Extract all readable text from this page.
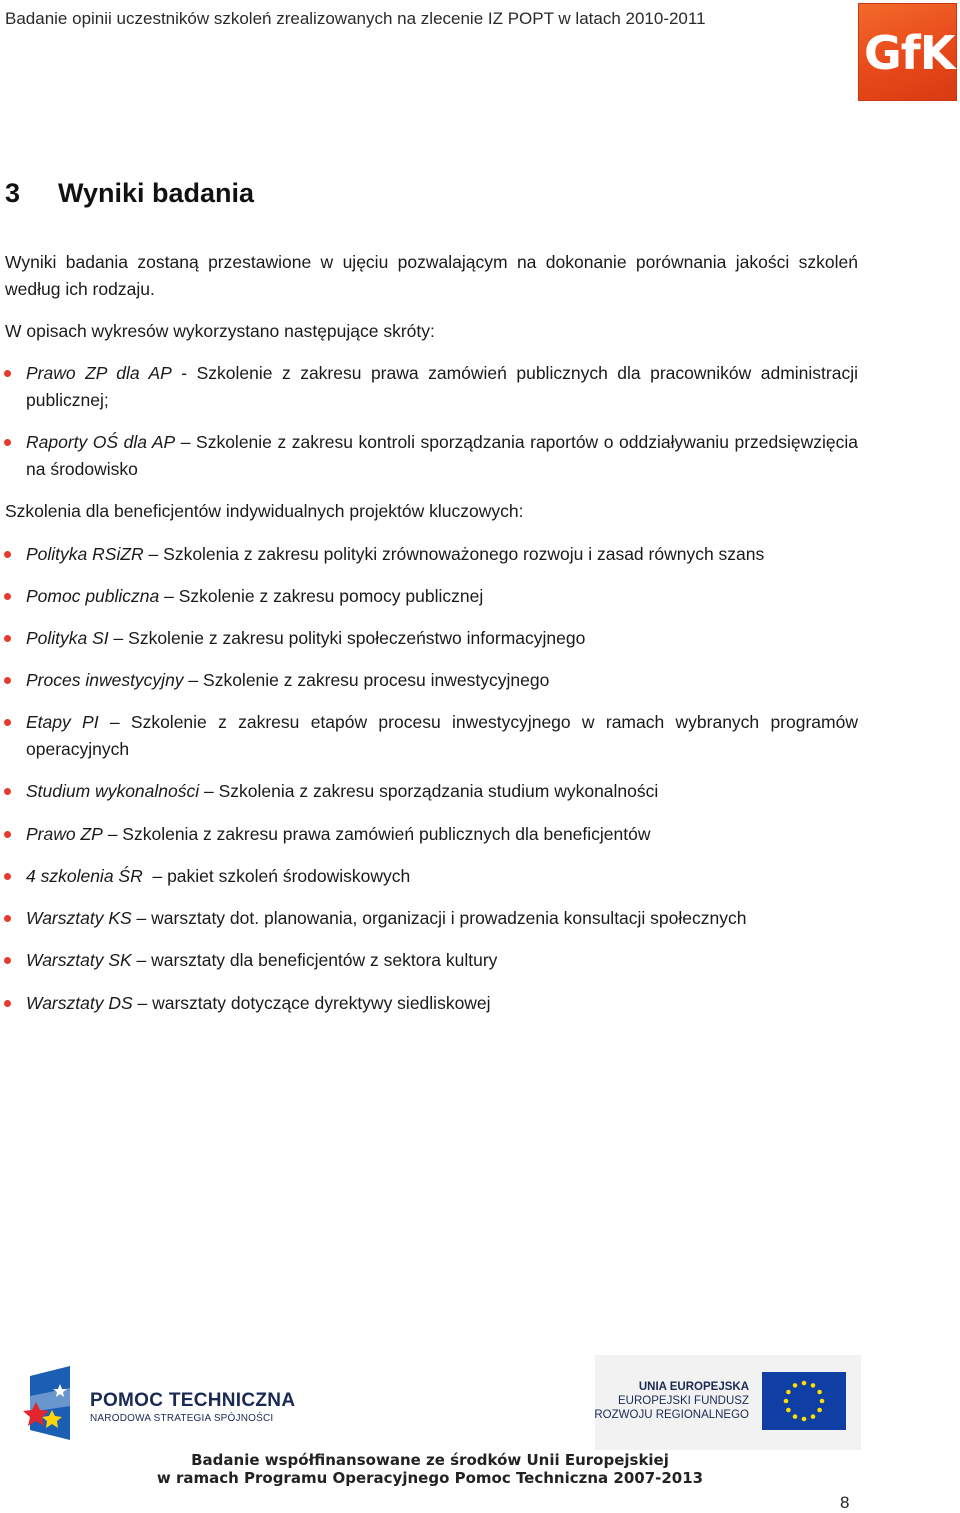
Badanie opinii uczestników szkoleń zrealizowanych na zlecenie IZ POPT w latach 2010-2011
GfK
3 Wyniki badania
Wyniki badania zostaną przestawione w ujęciu pozwalającym na dokonanie porównania jakości szkoleń według ich rodzaju.
W opisach wykresów wykorzystano następujące skróty:
Prawo ZP dla AP - Szkolenie z zakresu prawa zamówień publicznych dla pracowników administracji publicznej;
Raporty OŚ dla AP – Szkolenie z zakresu kontroli sporządzania raportów o oddziaływaniu przedsięwzięcia na środowisko
Szkolenia dla beneficjentów indywidualnych projektów kluczowych:
Polityka RSiZR – Szkolenia z zakresu polityki zrównoważonego rozwoju i zasad równych szans
Pomoc publiczna – Szkolenie z zakresu pomocy publicznej
Polityka SI – Szkolenie z zakresu polityki społeczeństwo informacyjnego
Proces inwestycyjny – Szkolenie z zakresu procesu inwestycyjnego
Etapy PI – Szkolenie z zakresu etapów procesu inwestycyjnego w ramach wybranych programów operacyjnych
Studium wykonalności – Szkolenia z zakresu sporządzania studium wykonalności
Prawo ZP – Szkolenia z zakresu prawa zamówień publicznych dla beneficjentów
4 szkolenia ŚR  – pakiet szkoleń środowiskowych
Warsztaty KS – warsztaty dot. planowania, organizacji i prowadzenia konsultacji społecznych
Warsztaty SK – warsztaty dla beneficjentów z sektora kultury
Warsztaty DS – warsztaty dotyczące dyrektywy siedliskowej
POMOC TECHNICZNA
NARODOWA STRATEGIA SPÓJNOŚCI
UNIA EUROPEJSKA
EUROPEJSKI FUNDUSZ
ROZWOJU REGIONALNEGO
Badanie współfinansowane ze środków Unii Europejskiej
w ramach Programu Operacyjnego Pomoc Techniczna 2007-2013
8
